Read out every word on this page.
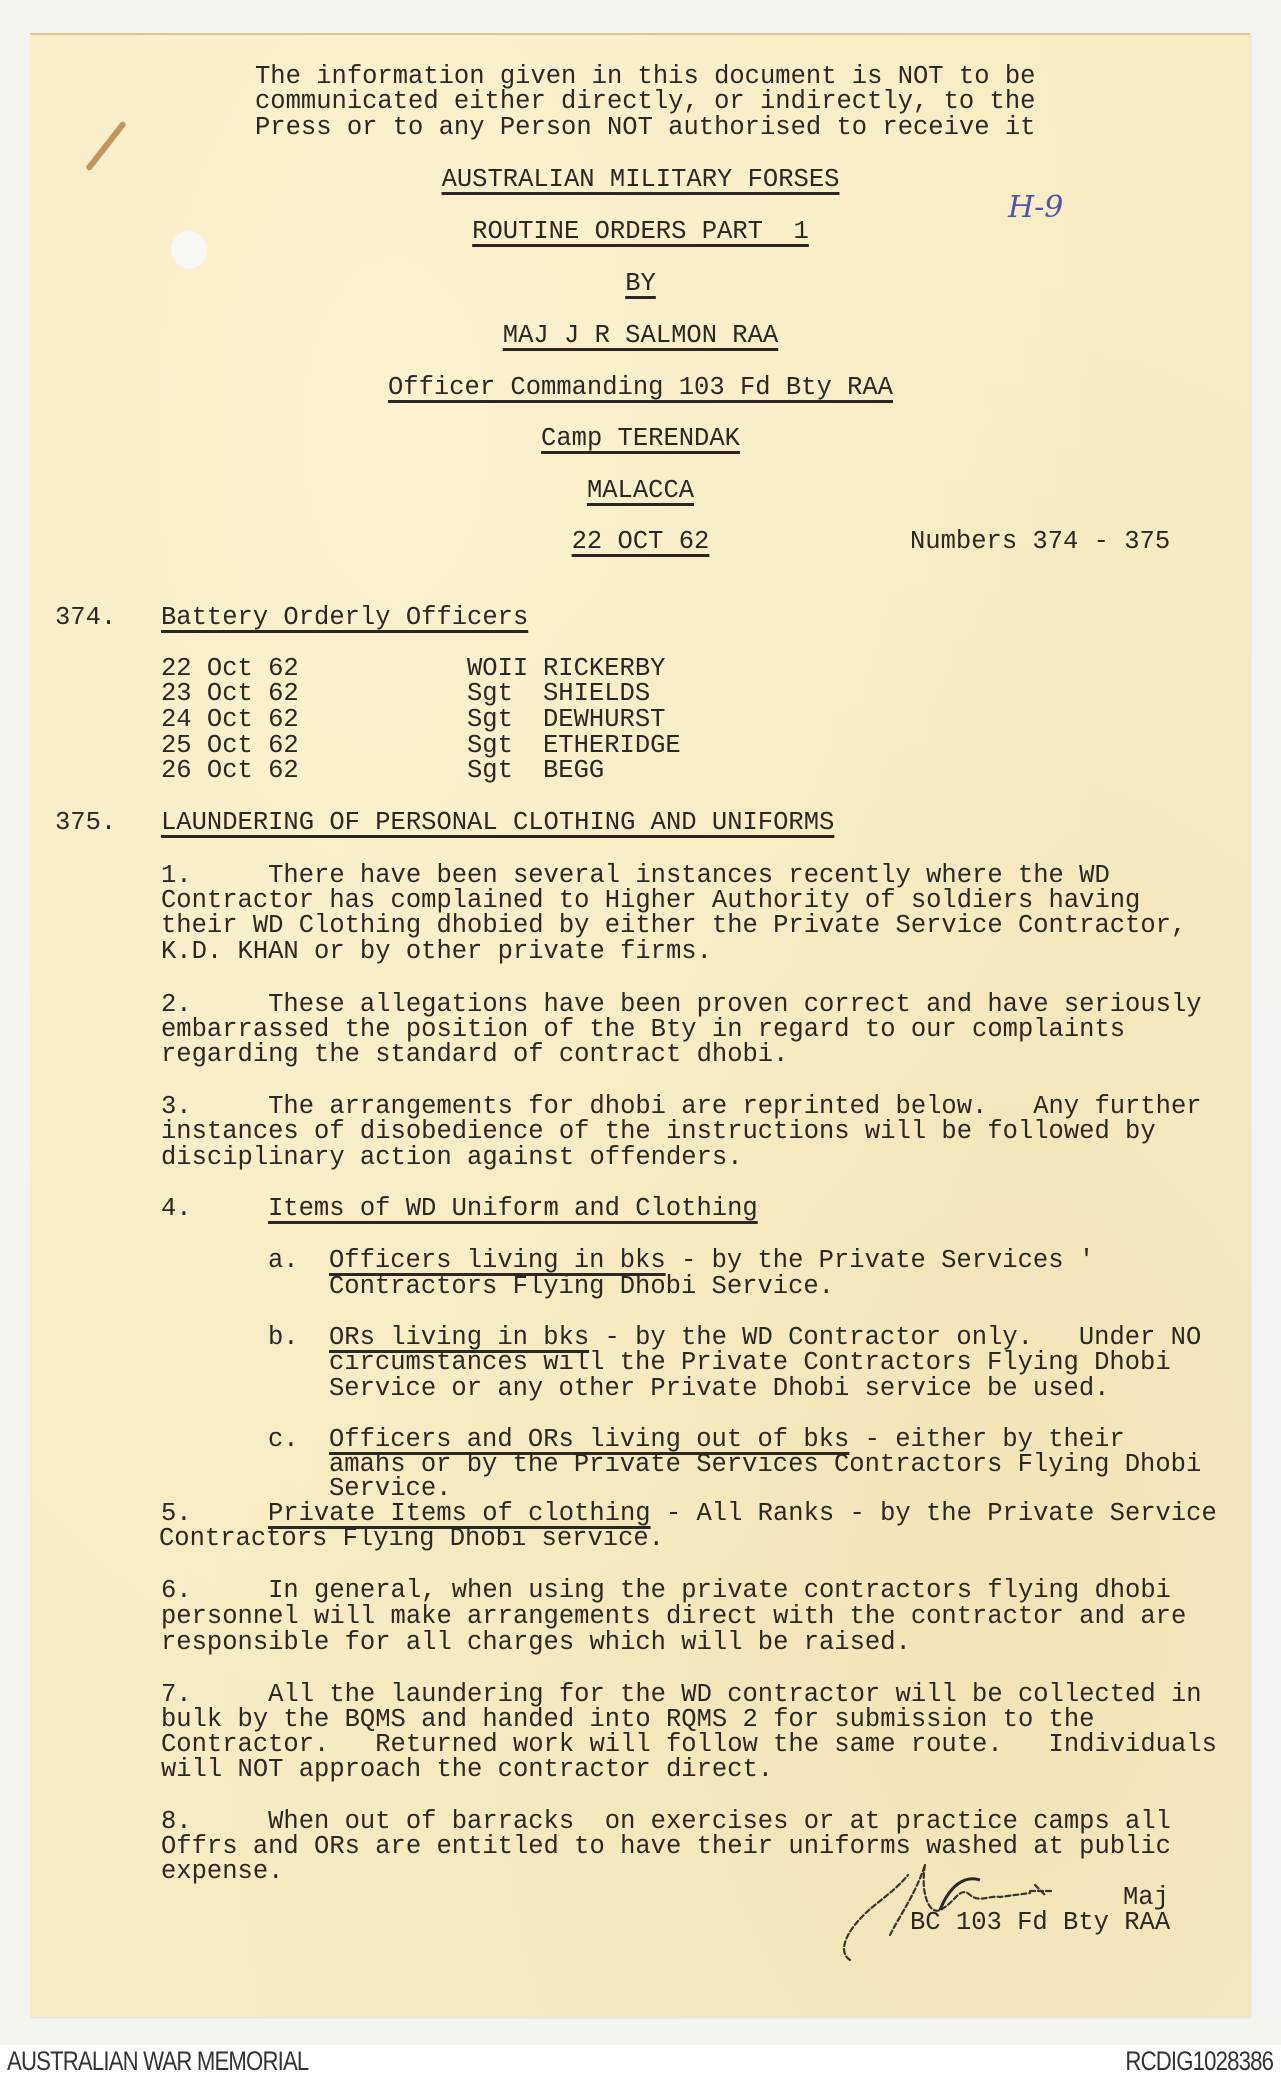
The information given in this document is NOT to be
communicated either directly, or indirectly, to the
Press or to any Person NOT authorised to receive it
AUSTRALIAN MILITARY FORSES
ROUTINE ORDERS PART  1
BY
MAJ J R SALMON RAA
Officer Commanding 103 Fd Bty RAA
Camp TERENDAK
MALACCA
22 OCT 62	Numbers 374 - 375
H-9
374. Battery Orderly Officers
22 Oct 62	WOII RICKERBY
23 Oct 62	Sgt SHIELDS
24 Oct 62	Sgt DEWHURST
25 Oct 62	Sgt ETHERIDGE
26 Oct 62	Sgt BEGG
375. LAUNDERING OF PERSONAL CLOTHING AND UNIFORMS
1.     There have been several instances recently where the WD
Contractor has complained to Higher Authority of soldiers having
their WD Clothing dhobied by either the Private Service Contractor,
K.D. KHAN or by other private firms.
2.     These allegations have been proven correct and have seriously
embarrassed the position of the Bty in regard to our complaints
regarding the standard of contract dhobi.
3.     The arrangements for dhobi are reprinted below.   Any further
instances of disobedience of the instructions will be followed by
disciplinary action against offenders.
4.	Items of WD Uniform and Clothing
a. Officers living in bks - by the Private Services '
Contractors Flying Dhobi Service.
b. ORs living in bks - by the WD Contractor only.   Under NO
circumstances will the Private Contractors Flying Dhobi
Service or any other Private Dhobi service be used.
c. Officers and ORs living out of bks - either by their
amahs or by the Private Services Contractors Flying Dhobi
Service.
5.	Private Items of clothing - All Ranks - by the Private Service
Contractors Flying Dhobi service.
6.     In general, when using the private contractors flying dhobi
personnel will make arrangements direct with the contractor and are
responsible for all charges which will be raised.
7.     All the laundering for the WD contractor will be collected in
bulk by the BQMS and handed into RQMS 2 for submission to the
Contractor.   Returned work will follow the same route.   Individuals
will NOT approach the contractor direct.
8.     When out of barracks  on exercises or at practice camps all
Offrs and ORs are entitled to have their uniforms washed at public
expense.
Maj
BC 103 Fd Bty RAA
AUSTRALIAN WAR MEMORIAL	RCDIG1028386
